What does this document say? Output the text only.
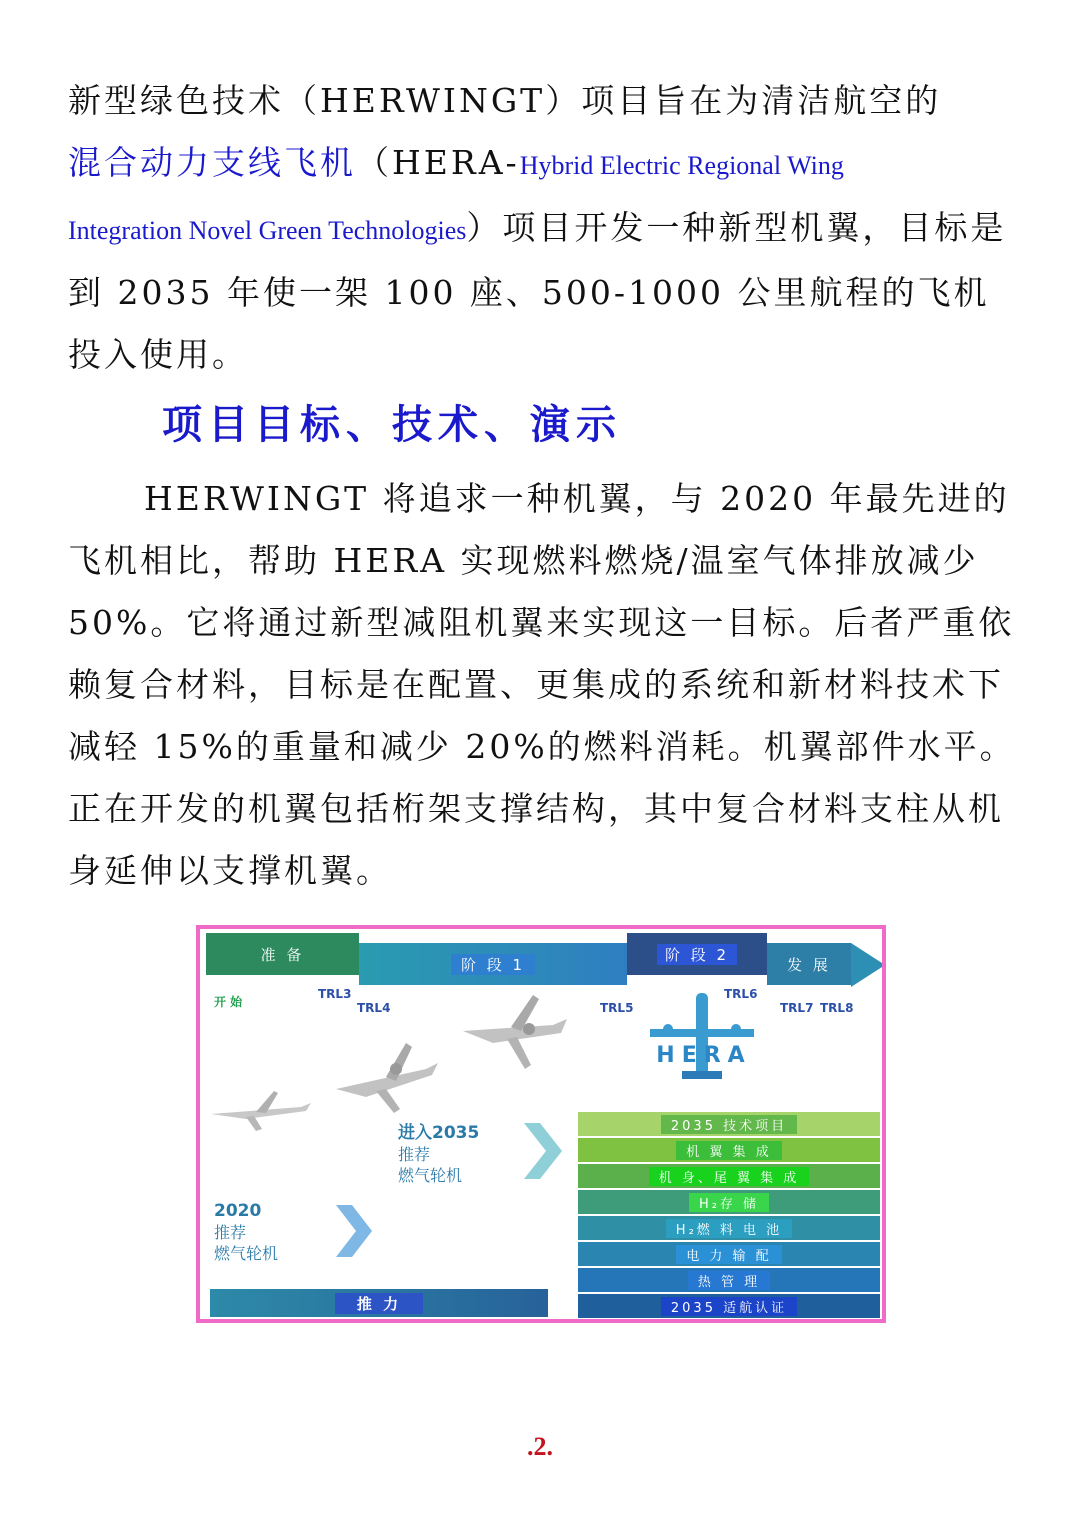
新型绿色技术（HERWINGT）项目旨在为清洁航空的
混合动力支线飞机（HERA-Hybrid Electric Regional Wing
Integration Novel Green Technologies）项目开发一种新型机翼，目标是到 2035 年使一架 100 座、500-1000 公里航程的飞机投入使用。
项目目标、技术、演示
HERWINGT 将追求一种机翼，与 2020 年最先进的飞机相比，帮助 HERA 实现燃料燃烧/温室气体排放减少 50%。它将通过新型减阻机翼来实现这一目标。后者严重依赖复合材料，目标是在配置、更集成的系统和新材料技术下减轻 15%的重量和减少 20%的燃料消耗。机翼部件水平。正在开发的机翼包括桁架支撑结构，其中复合材料支柱从机身延伸以支撑机翼。
准 备
阶 段 1
阶 段 2
发 展
开 始
TRL3
TRL4	TRL5
TRL6
TRL7 TRL8
HERA
进入2035
推荐
燃气轮机
2020
推荐
燃气轮机
推 力
2035 技术项目
机 翼 集 成
机 身、尾 翼 集 成
H₂存 储
H₂燃 料 电 池
电 力 输 配
热 管 理
2035 适航认证
.2.
